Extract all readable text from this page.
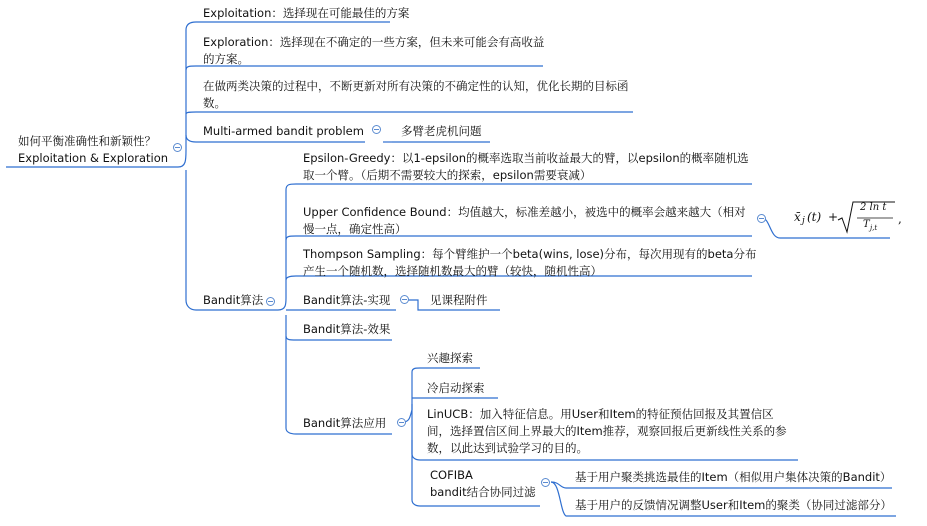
如何平衡准确性和新颖性？
Exploitation & Exploration
Exploitation：选择现在可能最佳的方案
Exploration：选择现在不确定的一些方案，但未来可能会有高收益
的方案。
在做两类决策的过程中，不断更新对所有决策的不确定性的认知，优化长期的目标函
数。
Multi-armed bandit problem	多臂老虎机问题
Bandit算法
Epsilon-Greedy：以1-epsilon的概率选取当前收益最大的臂，以epsilon的概率随机选
取一个臂。（后期不需要较大的探索，epsilon需要衰减）
Upper Confidence Bound：均值越大，标准差越小，被选中的概率会越来越大（相对
慢一点，确定性高）
Thompson Sampling：每个臂维护一个beta(wins, lose)分布，每次用现有的beta分布
产生一个随机数，选择随机数最大的臂（较快，随机性高）
Bandit算法-实现	见课程附件
Bandit算法-效果
Bandit算法应用
x̄ j (t) +
2 ln t
T j,t
,
兴趣探索
冷启动探索
LinUCB：加入特征信息。用User和Item的特征预估回报及其置信区
间，选择置信区间上界最大的Item推荐，观察回报后更新线性关系的参
数，以此达到试验学习的目的。
COFIBA
bandit结合协同过滤
基于用户聚类挑选最佳的Item（相似用户集体决策的Bandit）
基于用户的反馈情况调整User和Item的聚类（协同过滤部分）
